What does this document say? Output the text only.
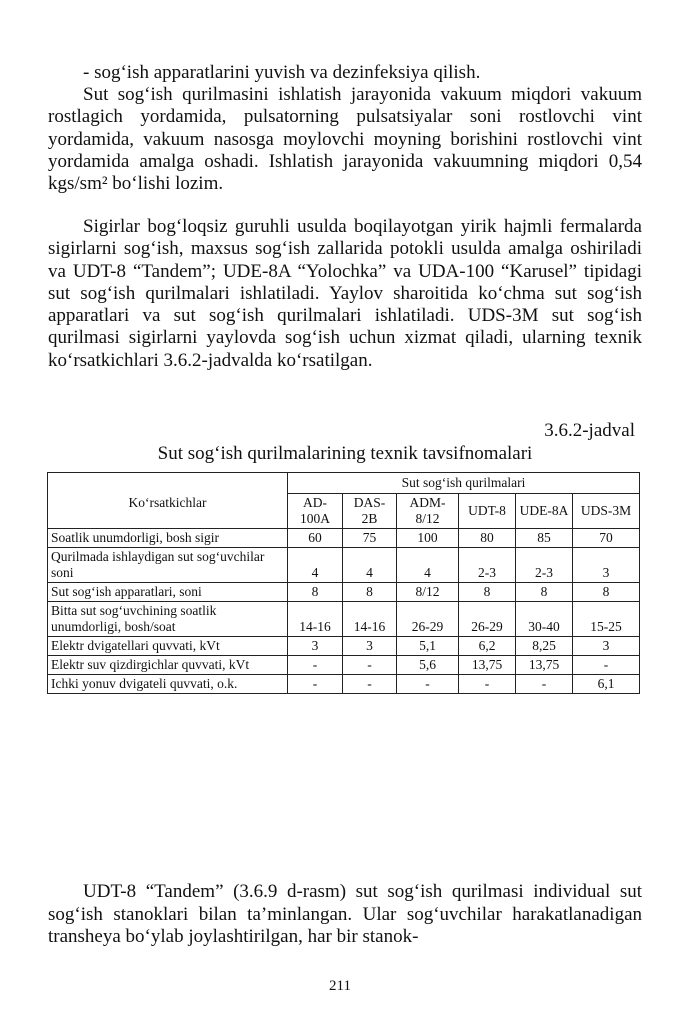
- sog‘ish apparatlarini yuvish va dezinfeksiya qilish.
Sut sog‘ish qurilmasini ishlatish jarayonida vakuum miqdori vakuum rostlagich yordamida, pulsatorning pulsatsiyalar soni rostlovchi vint yordamida, vakuum nasosga moylovchi moyning borishini rostlovchi vint yordamida amalga oshadi. Ishlatish jarayonida vakuumning miqdori 0,54 kgs/sm² bo‘lishi lozim.
Sigirlar bog‘loqsiz guruhli usulda boqilayotgan yirik hajmli fermalarda sigirlarni sog‘ish, maxsus sog‘ish zallarida potokli usulda amalga oshiriladi va UDT-8 “Tandem”; UDE-8A “Yolochka” va UDA-100 “Karusel” tipidagi sut sog‘ish qurilmalari ishlatiladi. Yaylov sharoitida ko‘chma sut sog‘ish apparatlari va sut sog‘ish qurilmalari ishlatiladi. UDS-3M sut sog‘ish qurilmasi sigirlarni yaylovda sog‘ish uchun xizmat qiladi, ularning texnik ko‘rsatkichlari 3.6.2-jadvalda ko‘rsatilgan.
3.6.2-jadval
Sut sog‘ish qurilmalarining texnik tavsifnomalari
Ko‘rsatkichlar	Sut sog‘ish qurilmalari					
	AD-100A	DAS-2B	ADM-8/12	UDT-8	UDE-8A	UDS-3M
Soatlik unumdorligi, bosh sigir	60	75	100	80	85	70
Qurilmada ishlaydigan sut sog‘uvchilar soni	4	4	4	2-3	2-3	3
Sut sog‘ish apparatlari, soni	8	8	8/12	8	8	8
Bitta sut sog‘uvchining soatlik unumdorligi, bosh/soat	14-16	14-16	26-29	26-29	30-40	15-25
Elektr dvigatellari quvvati, kVt	3	3	5,1	6,2	8,25	3
Elektr suv qizdirgichlar quvvati, kVt	-	-	5,6	13,75	13,75	-
Ichki yonuv dvigateli quvvati, o.k.	-	-	-	-	-	6,1
UDT-8 “Tandem” (3.6.9 d-rasm) sut sog‘ish qurilmasi individual sut sog‘ish stanoklari bilan ta’minlangan. Ular sog‘uvchilar harakatlanadigan transheya bo‘ylab joylashtirilgan, har bir stanok-
211
